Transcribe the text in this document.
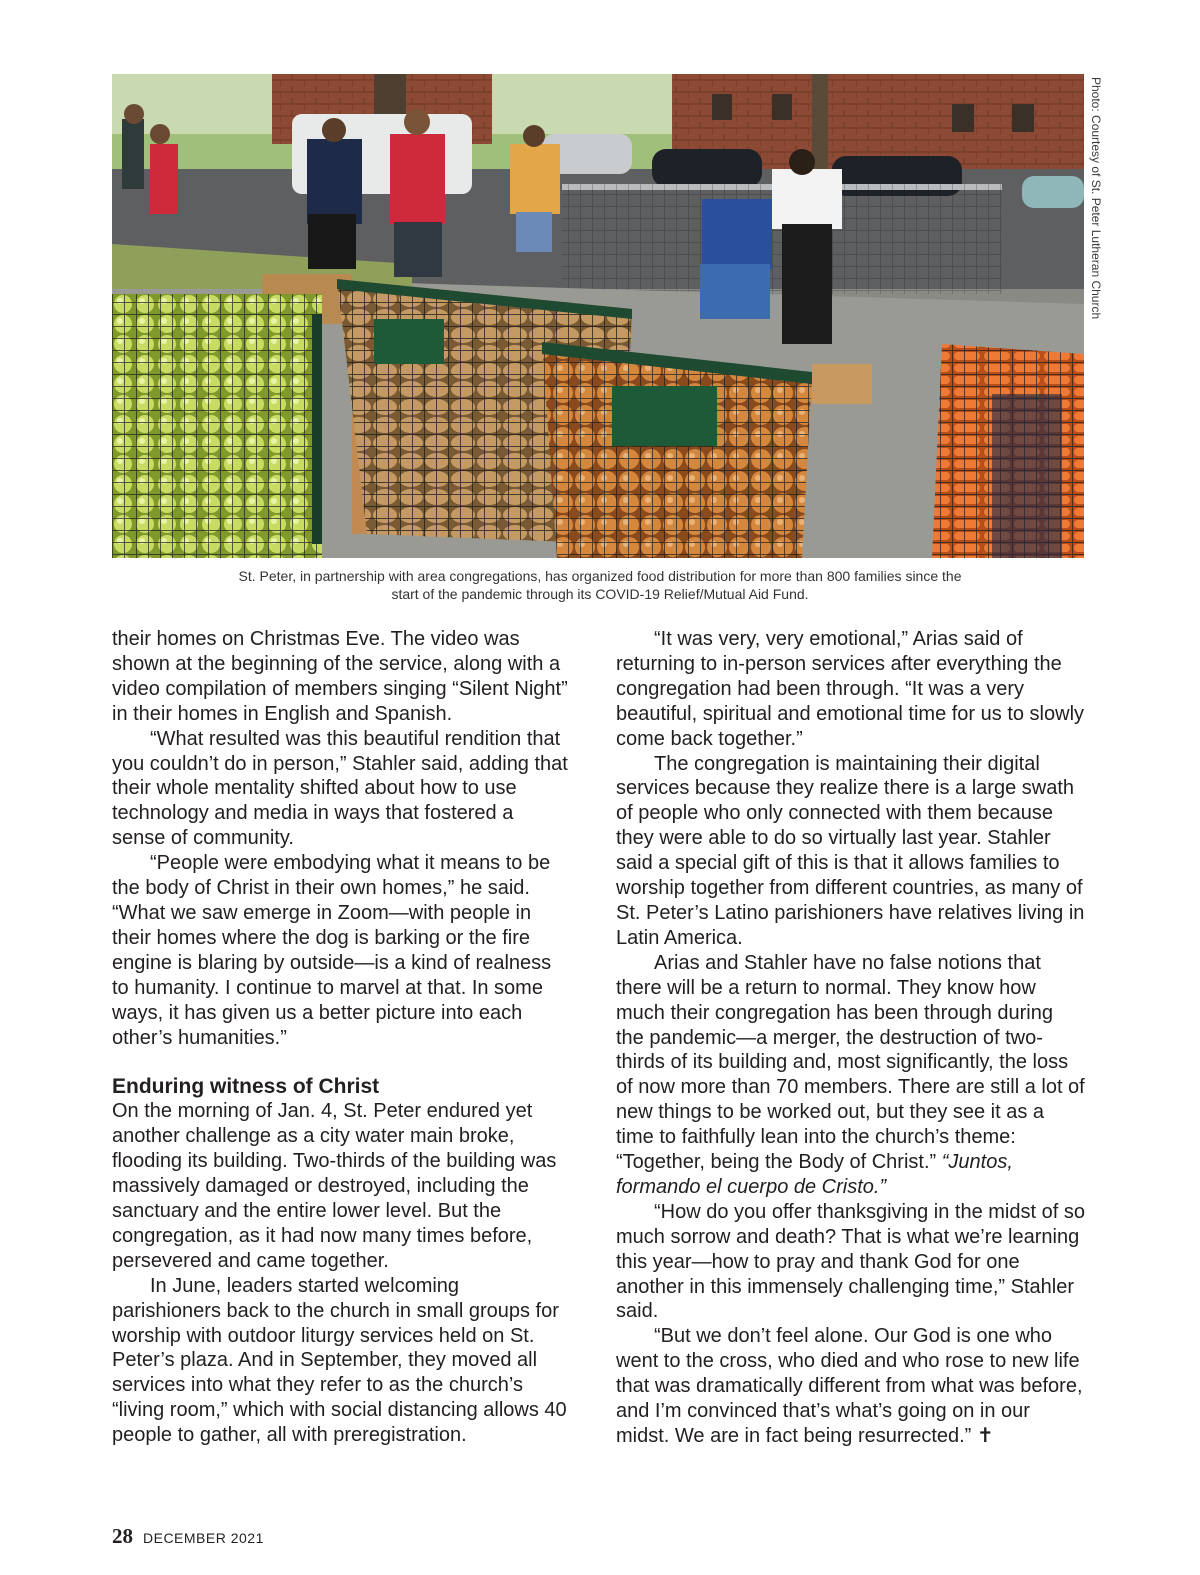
Photo: Courtesy of St. Peter Lutheran Church
St. Peter, in partnership with area congregations, has organized food distribution for more than 800 families since the start of the pandemic through its COVID-19 Relief/Mutual Aid Fund.

their homes on Christmas Eve. The video was shown at the beginning of the service, along with a video compilation of members singing “Silent Night” in their homes in English and Spanish.

“What resulted was this beautiful rendition that you couldn’t do in person,” Stahler said, adding that their whole mentality shifted about how to use technology and media in ways that fostered a sense of community.

“People were embodying what it means to be the body of Christ in their own homes,” he said. “What we saw emerge in Zoom—with people in their homes where the dog is barking or the fire engine is blaring by outside—is a kind of realness to humanity. I continue to marvel at that. In some ways, it has given us a better picture into each other’s humanities.”

Enduring witness of Christ

On the morning of Jan. 4, St. Peter endured yet another challenge as a city water main broke, flooding its building. Two-thirds of the building was massively damaged or destroyed, including the sanctuary and the entire lower level. But the congregation, as it had now many times before, persevered and came together.

In June, leaders started welcoming parishioners back to the church in small groups for worship with outdoor liturgy services held on St. Peter’s plaza. And in September, they moved all services into what they refer to as the church’s “living room,” which with social distancing allows 40 people to gather, all with preregistration.

“It was very, very emotional,” Arias said of returning to in-person services after everything the congregation had been through. “It was a very beautiful, spiritual and emotional time for us to slowly come back together.”

The congregation is maintaining their digital services because they realize there is a large swath of people who only connected with them because they were able to do so virtually last year. Stahler said a special gift of this is that it allows families to worship together from different countries, as many of St. Peter’s Latino parishioners have relatives living in Latin America.

Arias and Stahler have no false notions that there will be a return to normal. They know how much their congregation has been through during the pandemic—a merger, the destruction of two-thirds of its building and, most significantly, the loss of now more than 70 members. There are still a lot of new things to be worked out, but they see it as a time to faithfully lean into the church’s theme: “Together, being the Body of Christ.” “Juntos, formando el cuerpo de Cristo.”

“How do you offer thanksgiving in the midst of so much sorrow and death? That is what we’re learning this year—how to pray and thank God for one another in this immensely challenging time,” Stahler said.

“But we don’t feel alone. Our God is one who went to the cross, who died and who rose to new life that was dramatically different from what was before, and I’m convinced that’s what’s going on in our midst. We are in fact being resurrected.” ✝

28 DECEMBER 2021
